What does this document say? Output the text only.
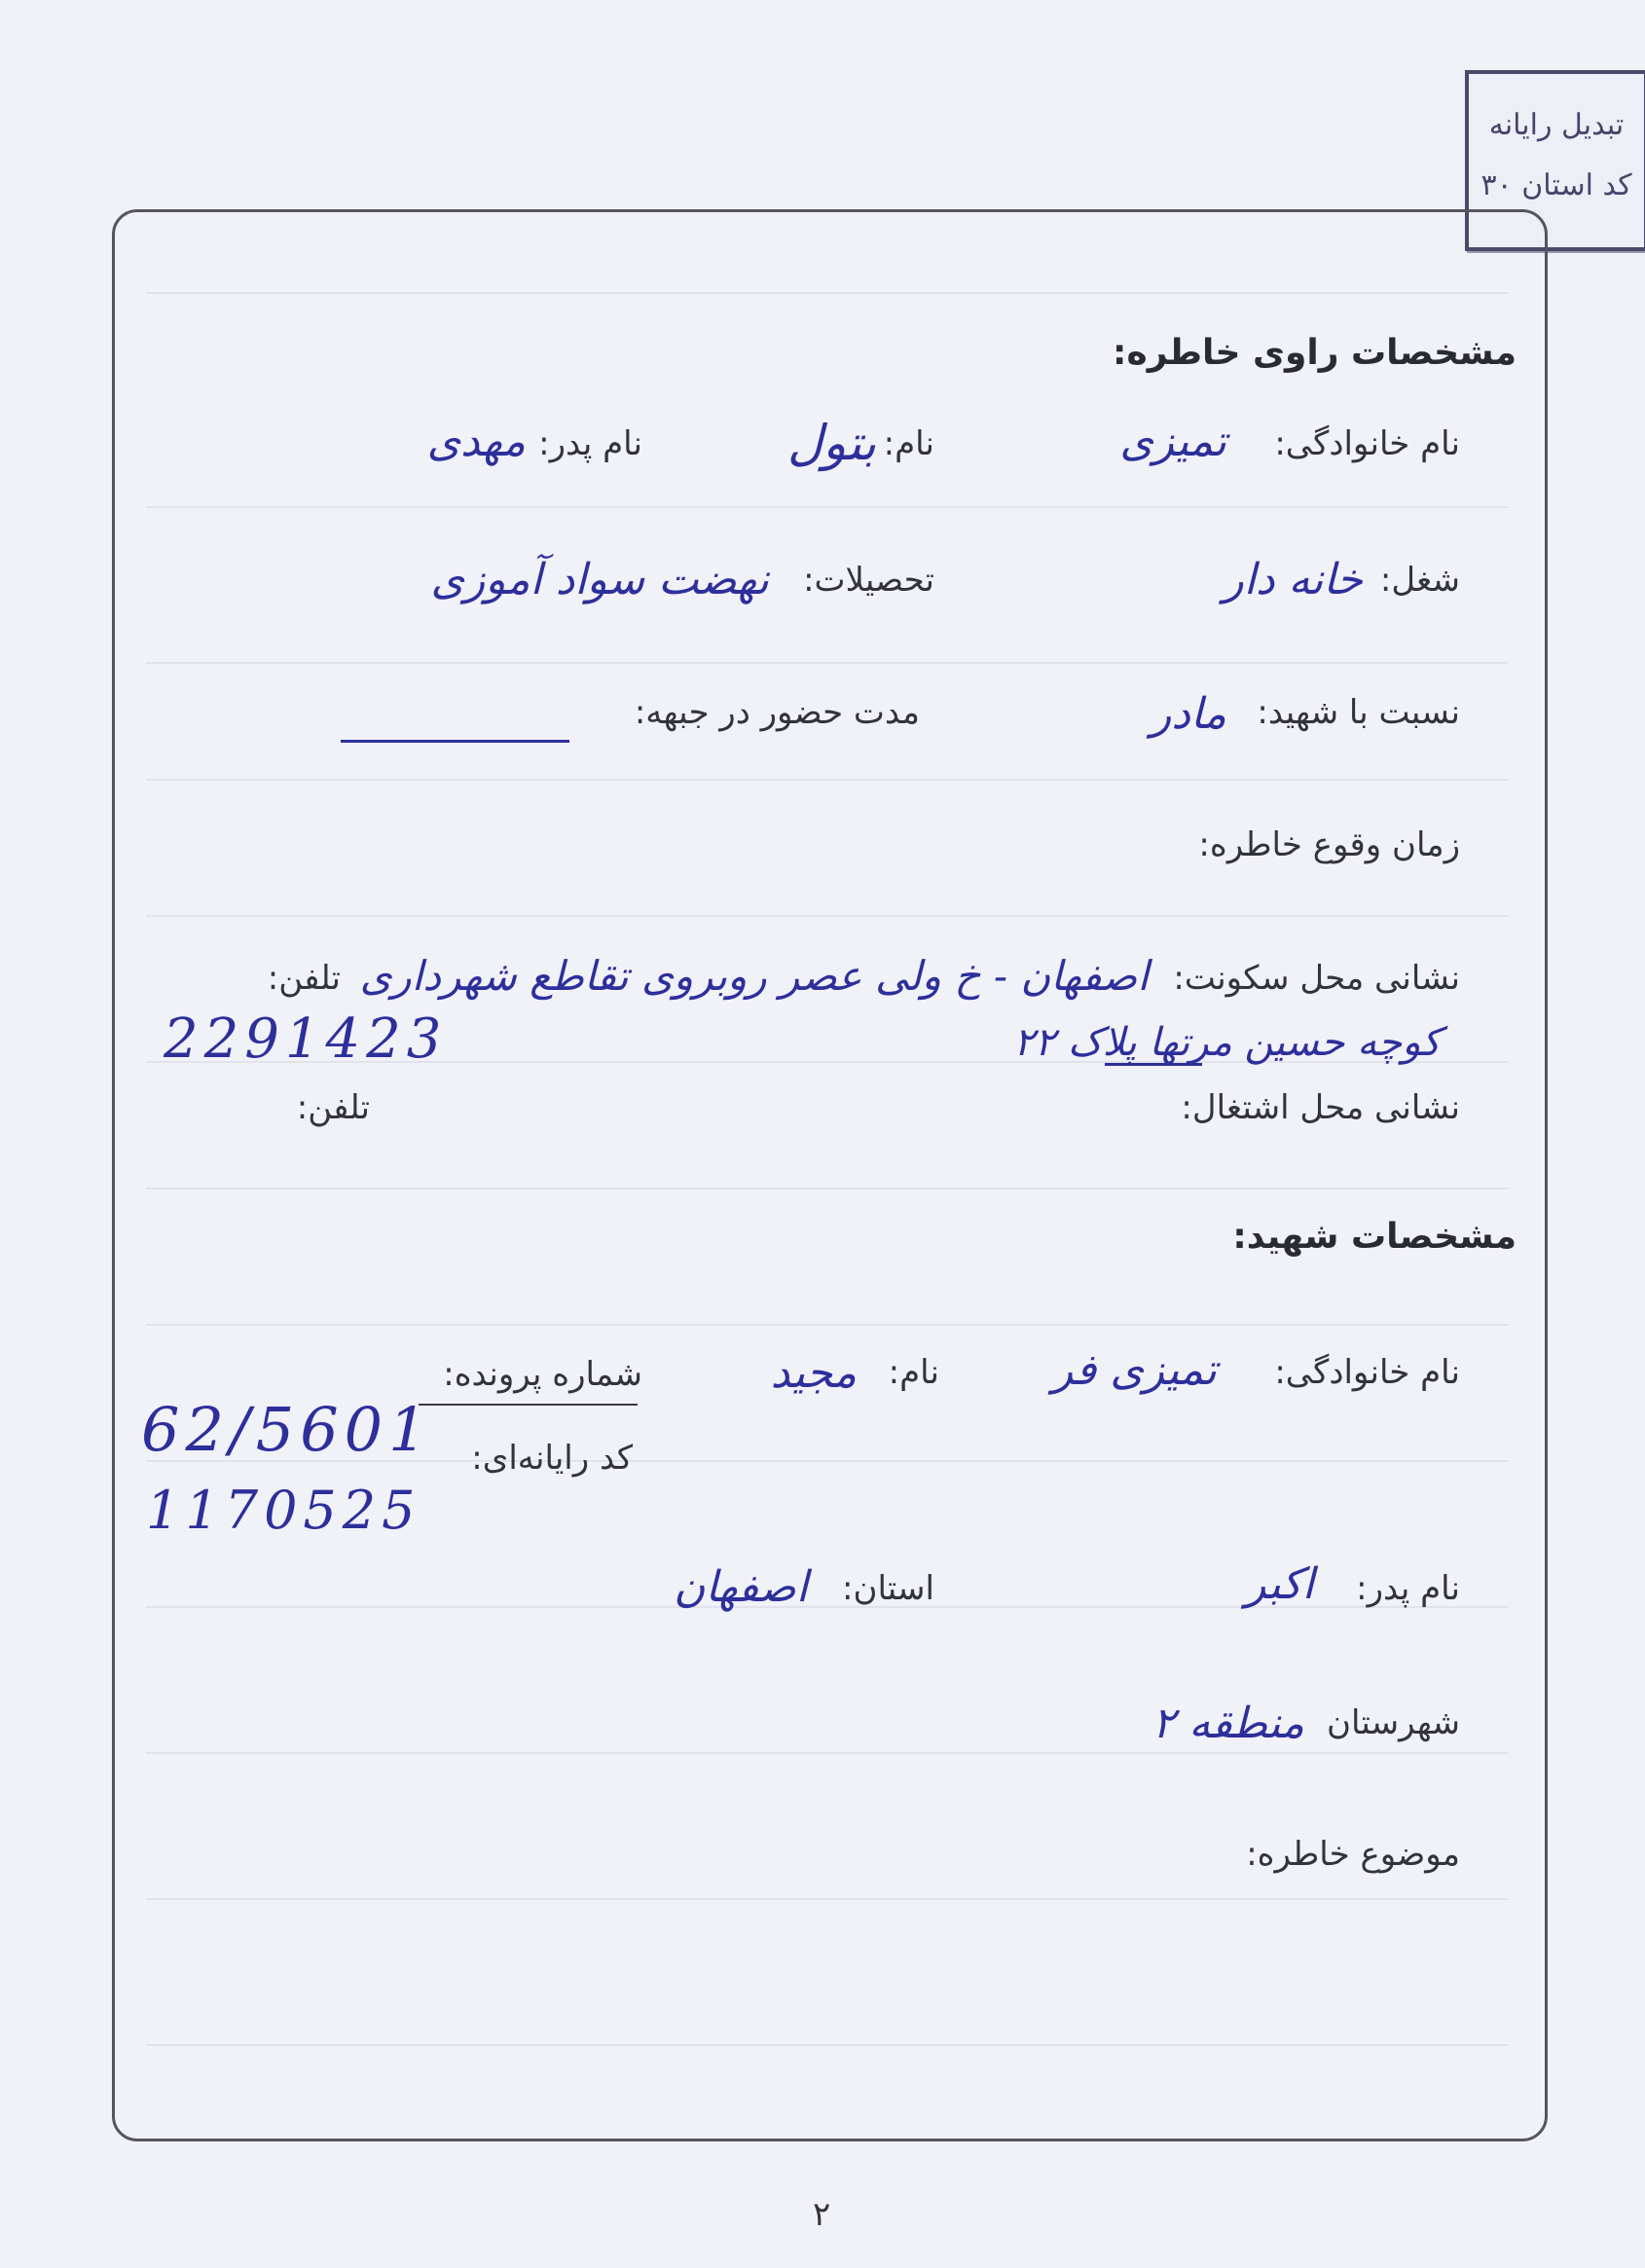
تبدیل رایانه
کد استان ۳۰
مشخصات راوی خاطره:
نام خانوادگی:
تمیزی
نام:
بتول
نام پدر:
مهدی
شغل:
خانه دار
تحصیلات:
نهضت سواد آموزی
نسبت با شهید:
مادر
مدت حضور در جبهه:
زمان وقوع خاطره:
نشانی محل سکونت:
اصفهان - خ ولی عصر روبروی تقاطع شهرداری
تلفن:
کوچه حسین مرتها پلاک ۲۲
2291423
نشانی محل اشتغال:
تلفن:
مشخصات شهید:
نام خانوادگی:
تمیزی فر
نام:
مجید
شماره پرونده:
62/5601 کد رایانه‌ای:
1170525
نام پدر:
اکبر
استان:
اصفهان
شهرستان
منطقه ۲
موضوع خاطره:
۲
